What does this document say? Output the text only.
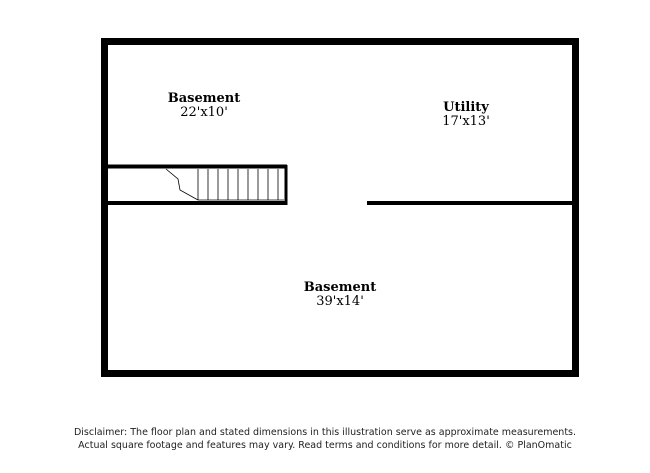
Basement
22'x10'	Utility
17'x13'
Basement
39'x14'
Disclaimer: The floor plan and stated dimensions in this illustration serve as approximate measurements.
Actual square footage and features may vary. Read terms and conditions for more detail. © PlanOmatic
